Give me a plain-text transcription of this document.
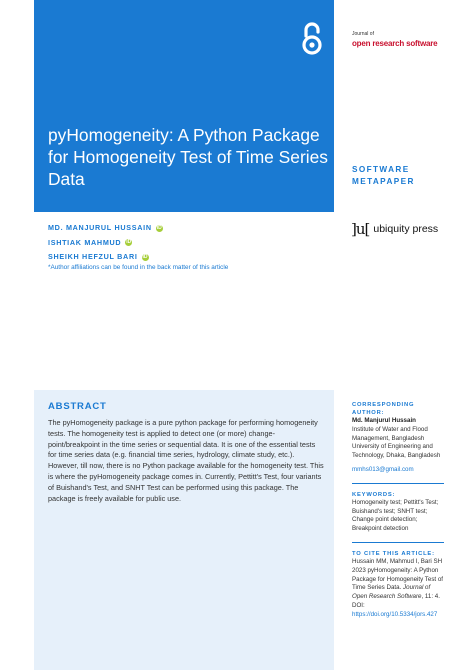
pyHomogeneity: A Python Package for Homogeneity Test of Time Series Data
Journal of
open research software
SOFTWARE
METAPAPER
]u[ ubiquity press
MD. MANJURUL HUSSAIN iD
ISHTIAK MAHMUD iD
SHEIKH HEFZUL BARI iD
*Author affiliations can be found in the back matter of this article
ABSTRACT

The pyHomogeneity package is a pure python package for performing homogeneity tests. The homogeneity test is applied to detect one (or more) change-point/breakpoint in the time series or sequential data. It is one of the essential tests for time series data (e.g. financial time series, hydrology, climate study, etc.). However, till now, there is no Python package available for the homogeneity test. This is where the pyHomogeneity package comes in. Currently, Pettitt's Test, four variants of Buishand's Test, and SNHT Test can be performed using this package. The package is freely available for public use.

CORRESPONDING AUTHOR:
Md. Manjurul Hussain
Institute of Water and Flood Management, Bangladesh University of Engineering and Technology, Dhaka, Bangladesh
mmhs013@gmail.com
KEYWORDS:
Homogeneity test; Pettitt's Test; Buishand's test; SNHT test; Change point detection; Breakpoint detection
TO CITE THIS ARTICLE:
Hussain MM, Mahmud I, Bari SH 2023 pyHomogeneity: A Python Package for Homogeneity Test of Time Series Data. Journal of Open Research Software, 11: 4. DOI: https://doi.org/10.5334/jors.427
